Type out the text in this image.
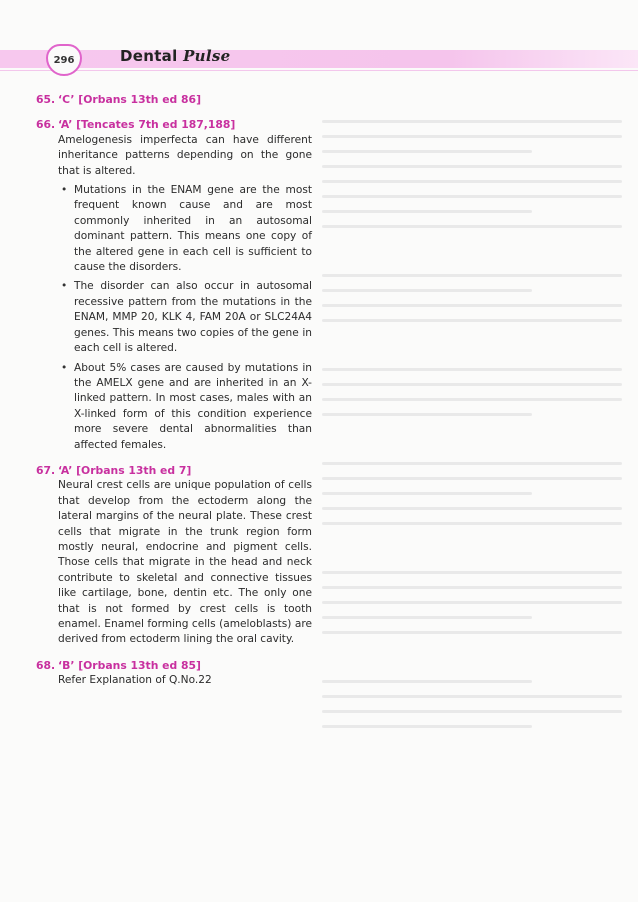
296	Dental Pulse
65. ‘C’ [Orbans 13th ed 86]
66. ‘A’ [Tencates 7th ed 187,188]

Amelogenesis imperfecta can have different inheritance patterns depending on the gone that is altered.

• Mutations in the ENAM gene are the most frequent known cause and are most commonly inherited in an autosomal dominant pattern. This means one copy of the altered gene in each cell is sufficient to cause the disorders.
• The disorder can also occur in autosomal recessive pattern from the mutations in the ENAM, MMP 20, KLK 4, FAM 20A or SLC24A4 genes. This means two copies of the gene in each cell is altered.
• About 5% cases are caused by mutations in the AMELX gene and are inherited in an X-linked pattern. In most cases, males with an X-linked form of this condition experience more severe dental abnormalities than affected females.
67. ‘A’ [Orbans 13th ed 7]

Neural crest cells are unique population of cells that develop from the ectoderm along the lateral margins of the neural plate. These crest cells that migrate in the trunk region form mostly neural, endocrine and pigment cells. Those cells that migrate in the head and neck contribute to skeletal and connective tissues like cartilage, bone, dentin etc. The only one that is not formed by crest cells is tooth enamel. Enamel forming cells (ameloblasts) are derived from ectoderm lining the oral cavity.

68. ‘B’ [Orbans 13th ed 85]

Refer Explanation of Q.No.22
